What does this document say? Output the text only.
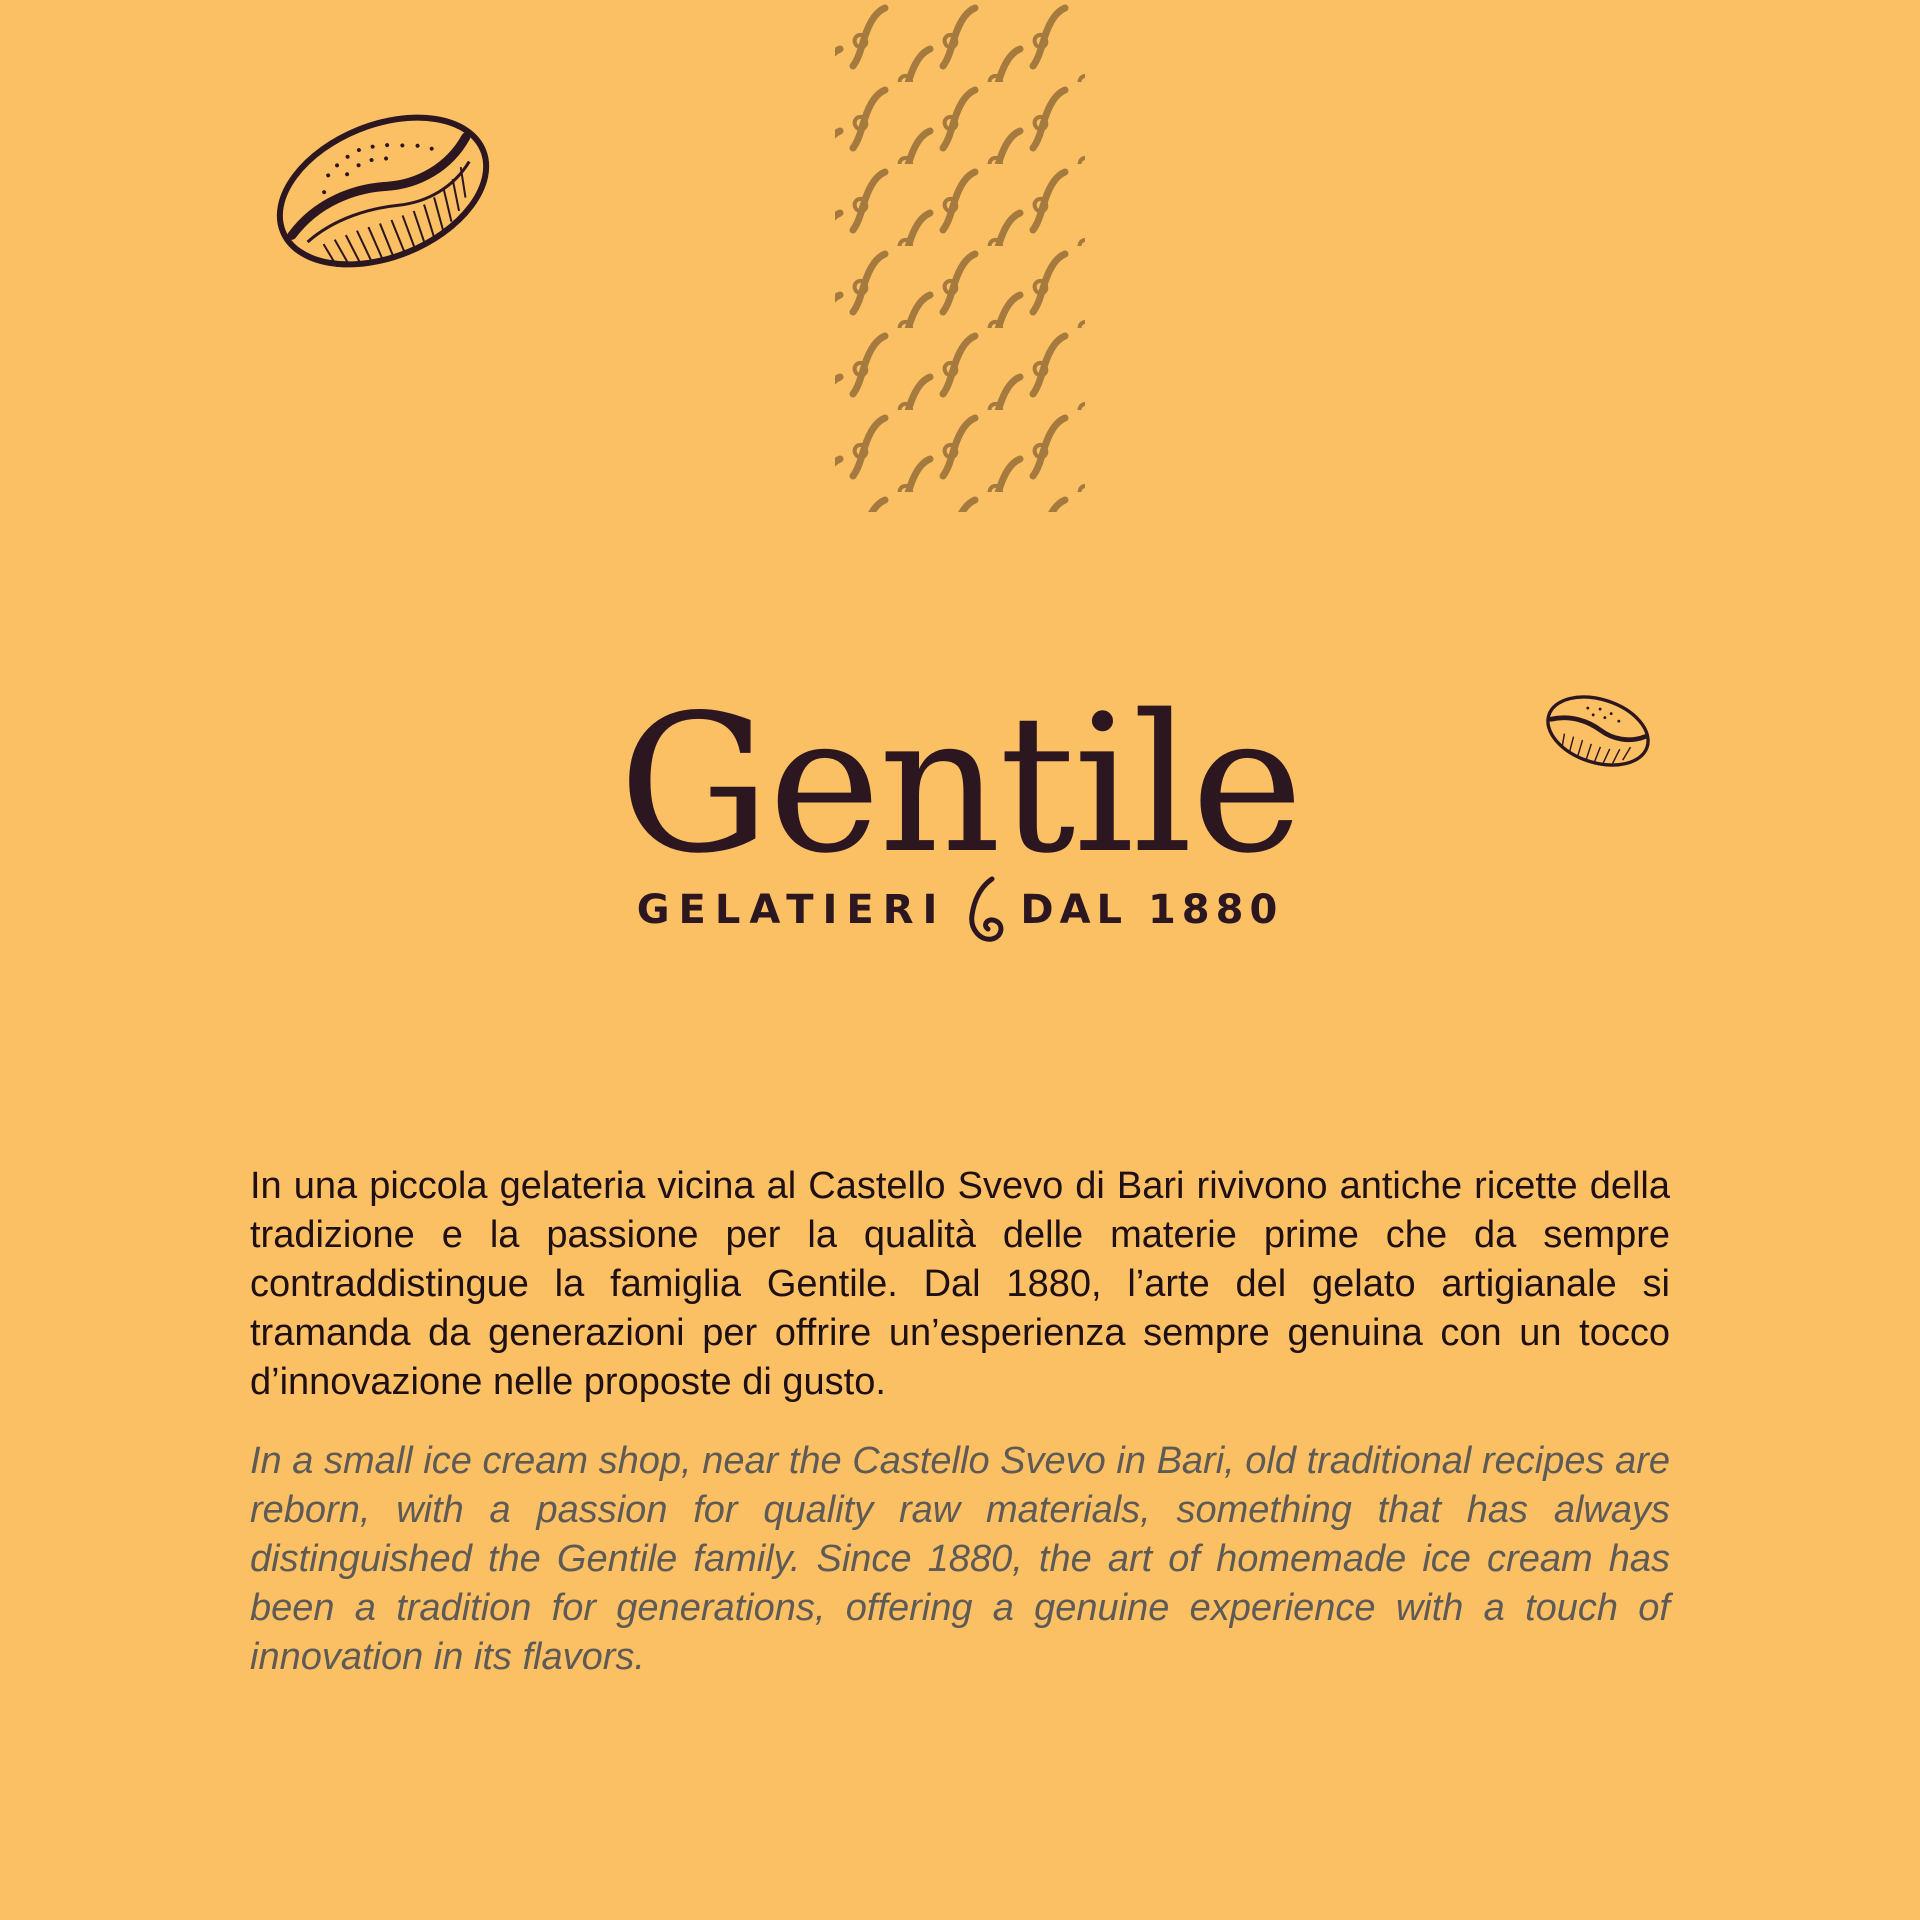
Gentile
GELATIERI DAL 1880

In una piccola gelateria vicina al Castello Svevo di Bari rivivono antiche ricette della tradizione e la passione per la qualità delle materie prime che da sempre contraddistingue la famiglia Gentile. Dal 1880, l’arte del gelato artigianale si tramanda da generazioni per offrire un’esperienza sempre genuina con un tocco d’innovazione nelle proposte di gusto.

In a small ice cream shop, near the Castello Svevo in Bari, old traditional recipes are reborn, with a passion for quality raw materials, something that has always distinguished the Gentile family. Since 1880, the art of homemade ice cream has been a tradition for generations, offering a genuine experience with a touch of innovation in its flavors.
